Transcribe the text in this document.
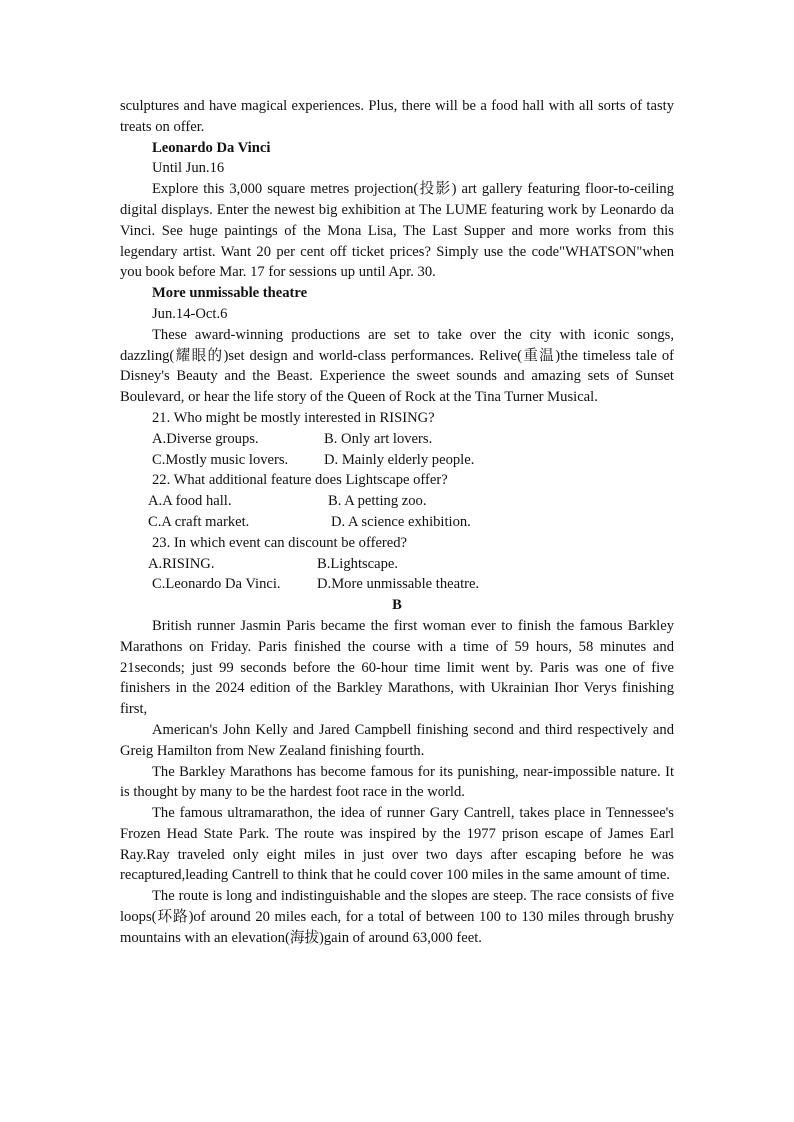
sculptures and have magical experiences. Plus, there will be a food hall with all sorts of tasty treats on offer.

Leonardo Da Vinci

Until Jun.16

Explore this 3,000 square metres projection(投影) art gallery featuring floor-to-ceiling digital displays. Enter the newest big exhibition at The LUME featuring work by Leonardo da Vinci. See huge paintings of the Mona Lisa, The Last Supper and more works from this legendary artist. Want 20 per cent off ticket prices? Simply use the code"WHATSON"when you book before Mar. 17 for sessions up until Apr. 30.

More unmissable theatre

Jun.14-Oct.6

These award-winning productions are set to take over the city with iconic songs, dazzling(耀眼的)set design and world-class performances. Relive(重温)the timeless tale of Disney's Beauty and the Beast. Experience the sweet sounds and amazing sets of Sunset Boulevard, or hear the life story of the Queen of Rock at the Tina Turner Musical.

21. Who might be mostly interested in RISING?

A.Diverse groups.	B. Only art lovers.
C.Mostly music lovers.	D. Mainly elderly people.

22. What additional feature does Lightscape offer?

A.A food hall.	B. A petting zoo.
C.A craft market.	D. A science exhibition.

23. In which event can discount be offered?

A.RISING.	B.Lightscape.
C.Leonardo Da Vinci.	D.More unmissable theatre.

B

British runner Jasmin Paris became the first woman ever to finish the famous Barkley Marathons on Friday. Paris finished the course with a time of 59 hours, 58 minutes and 21seconds; just 99 seconds before the 60-hour time limit went by. Paris was one of five finishers in the 2024 edition of the Barkley Marathons, with Ukrainian Ihor Verys finishing first,

American's John Kelly and Jared Campbell finishing second and third respectively and Greig Hamilton from New Zealand finishing fourth.

The Barkley Marathons has become famous for its punishing, near-impossible nature. It is thought by many to be the hardest foot race in the world.

The famous ultramarathon, the idea of runner Gary Cantrell, takes place in Tennessee's Frozen Head State Park. The route was inspired by the 1977 prison escape of James Earl Ray.Ray traveled only eight miles in just over two days after escaping before he was recaptured,leading Cantrell to think that he could cover 100 miles in the same amount of time.

The route is long and indistinguishable and the slopes are steep. The race consists of five loops(环路)of around 20 miles each, for a total of between 100 to 130 miles through brushy mountains with an elevation(海拔)gain of around 63,000 feet.
